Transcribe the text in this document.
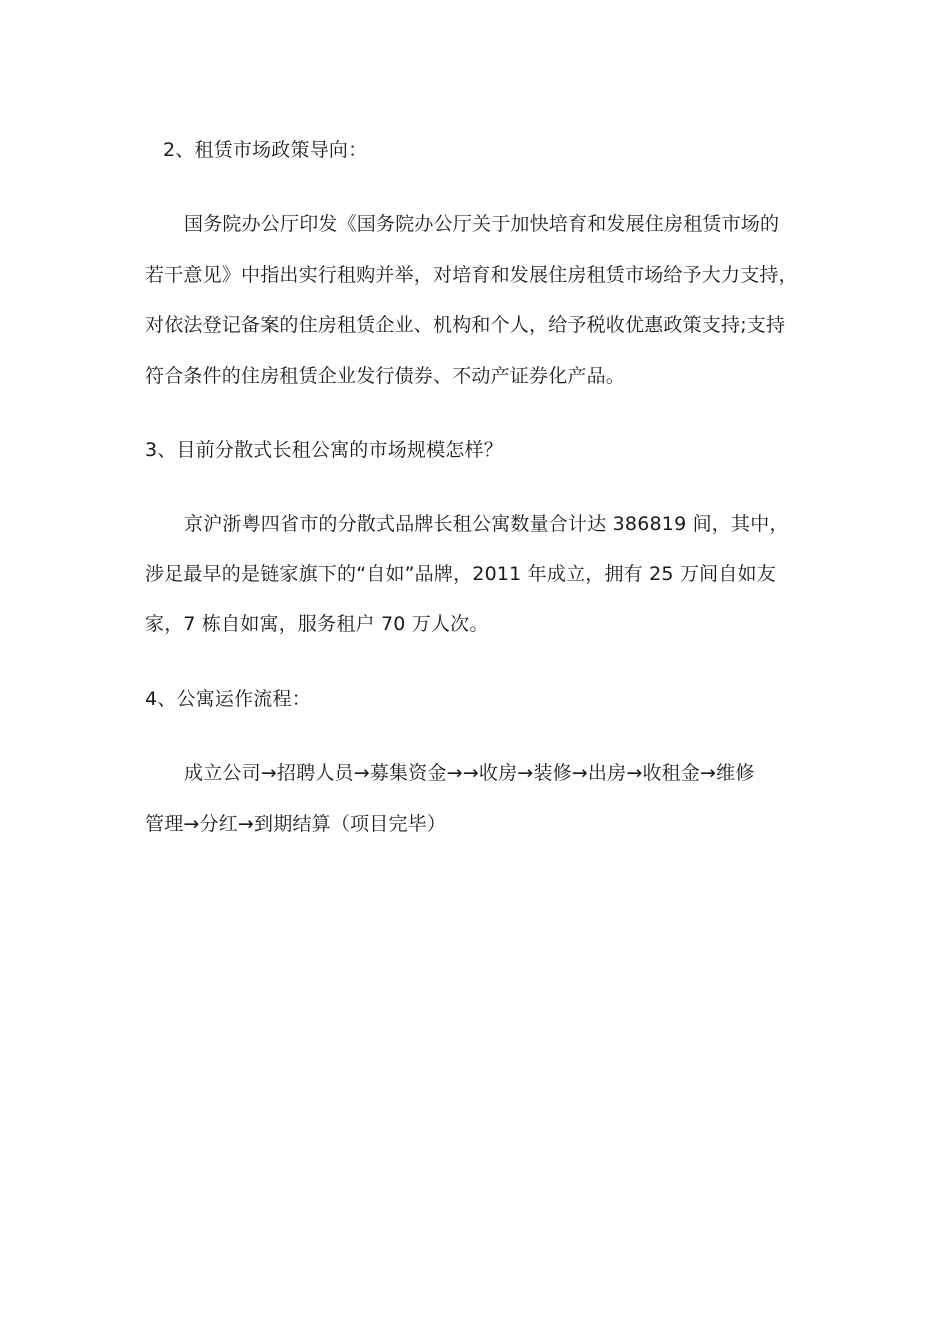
2、租赁市场政策导向：
国务院办公厅印发《国务院办公厅关于加快培育和发展住房租赁市场的
若干意见》中指出实行租购并举，对培育和发展住房租赁市场给予大力支持，
对依法登记备案的住房租赁企业、机构和个人，给予税收优惠政策支持;支持
符合条件的住房租赁企业发行债券、不动产证券化产品。
3、目前分散式长租公寓的市场规模怎样？
京沪浙粤四省市的分散式品牌长租公寓数量合计达 386819 间，其中，
涉足最早的是链家旗下的“自如”品牌，2011 年成立，拥有 25 万间自如友
家，7 栋自如寓，服务租户 70 万人次。
4、公寓运作流程：
成立公司→招聘人员→募集资金→→收房→装修→出房→收租金→维修
管理→分红→到期结算（项目完毕）
